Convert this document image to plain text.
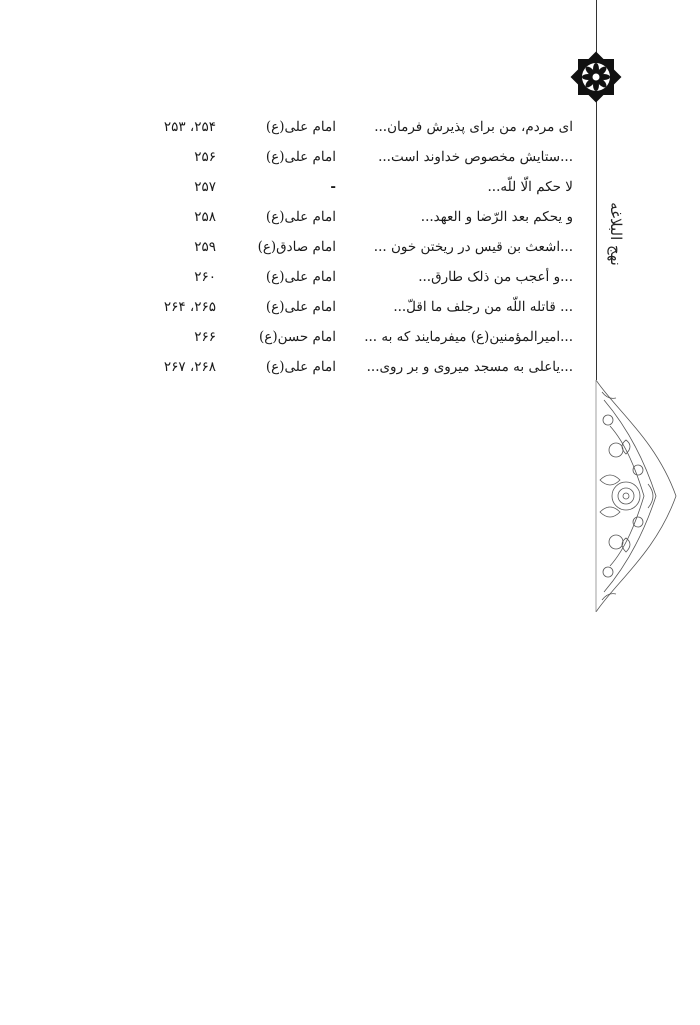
نهج البلاغه
ای مردم، من برای پذیرش فرمان...
امام علی(ع)
۲۵۴، ۲۵۳
...ستایش مخصوص خداوند است...
امام علی(ع)
۲۵۶
لا حکم الّا للّه...
-
۲۵۷
و یحکم بعد الرّضا و العهد...
امام علی(ع)
۲۵۸
...اشعث بن قیس در ریختن خون ...
امام صادق(ع)
۲۵۹
...و أعجب من ذلک طارق...
امام علی(ع)
۲۶۰
... قاتله اللّه من رجلف ما اقلّ...
امام علی(ع)
۲۶۵، ۲۶۴
...امیرالمؤمنین(ع) میفرمایند که به ...
امام حسن(ع)
۲۶۶
...یاعلی به مسجد میروی و بر روی...
امام علی(ع)
۲۶۸، ۲۶۷
